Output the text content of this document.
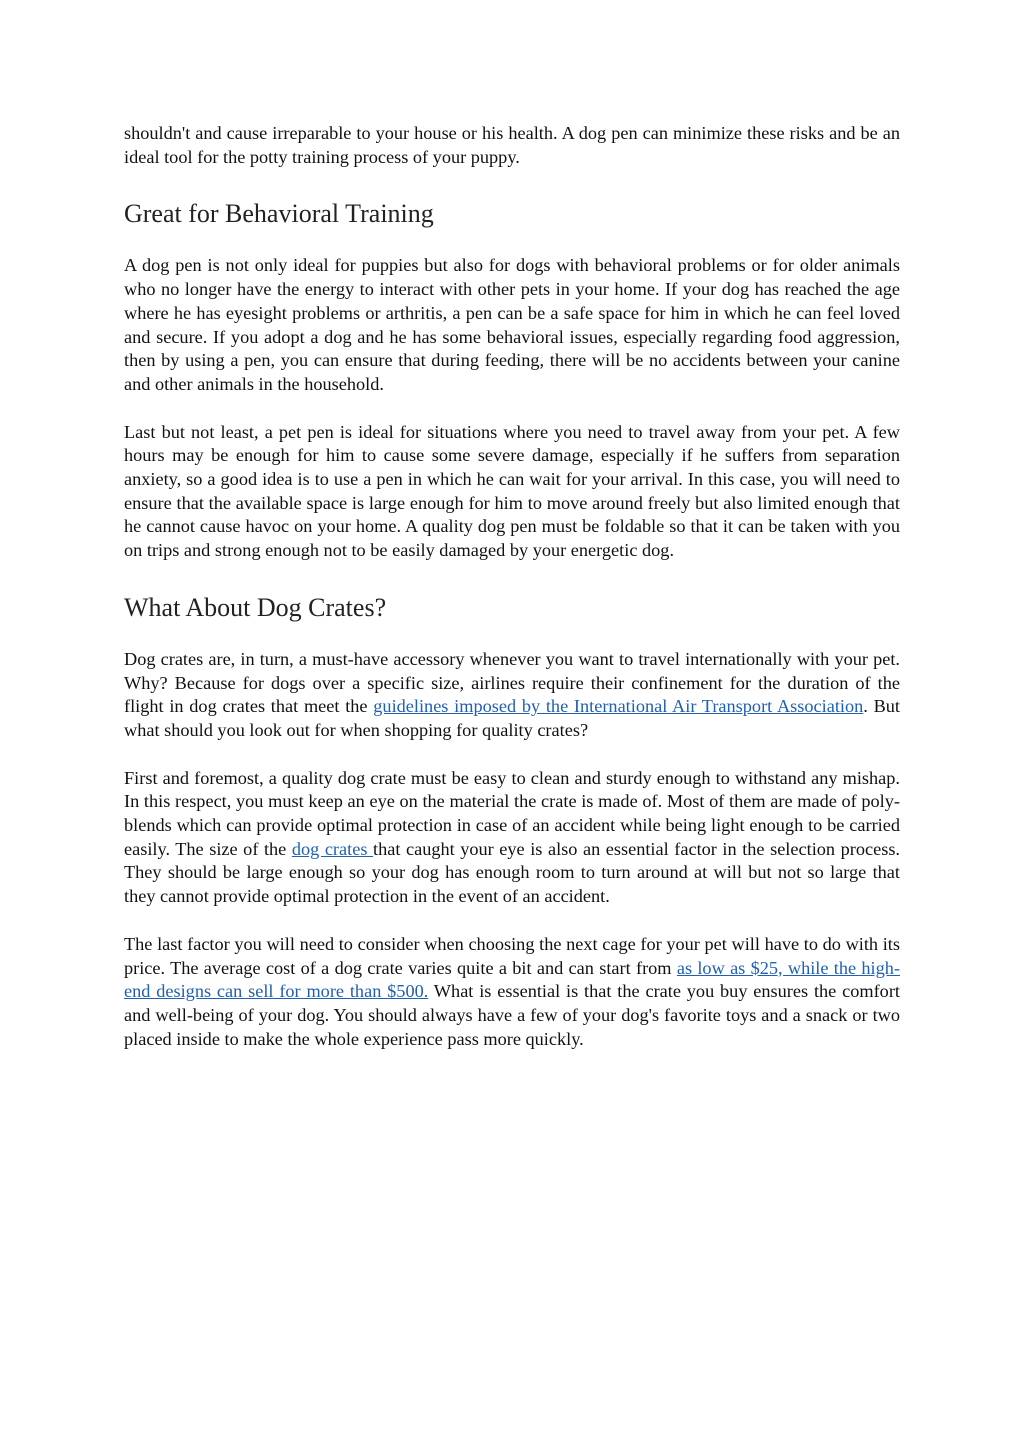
shouldn't and cause irreparable to your house or his health. A dog pen can minimize these risks and be an ideal tool for the potty training process of your puppy.

Great for Behavioral Training

A dog pen is not only ideal for puppies but also for dogs with behavioral problems or for older animals who no longer have the energy to interact with other pets in your home. If your dog has reached the age where he has eyesight problems or arthritis, a pen can be a safe space for him in which he can feel loved and secure. If you adopt a dog and he has some behavioral issues, especially regarding food aggression, then by using a pen, you can ensure that during feeding, there will be no accidents between your canine and other animals in the household.

Last but not least, a pet pen is ideal for situations where you need to travel away from your pet. A few hours may be enough for him to cause some severe damage, especially if he suffers from separation anxiety, so a good idea is to use a pen in which he can wait for your arrival. In this case, you will need to ensure that the available space is large enough for him to move around freely but also limited enough that he cannot cause havoc on your home. A quality dog pen must be foldable so that it can be taken with you on trips and strong enough not to be easily damaged by your energetic dog.

What About Dog Crates?

Dog crates are, in turn, a must-have accessory whenever you want to travel internationally with your pet. Why? Because for dogs over a specific size, airlines require their confinement for the duration of the flight in dog crates that meet the guidelines imposed by the International Air Transport Association. But what should you look out for when shopping for quality crates?

First and foremost, a quality dog crate must be easy to clean and sturdy enough to withstand any mishap. In this respect, you must keep an eye on the material the crate is made of. Most of them are made of poly-blends which can provide optimal protection in case of an accident while being light enough to be carried easily. The size of the dog crates that caught your eye is also an essential factor in the selection process. They should be large enough so your dog has enough room to turn around at will but not so large that they cannot provide optimal protection in the event of an accident.

The last factor you will need to consider when choosing the next cage for your pet will have to do with its price. The average cost of a dog crate varies quite a bit and can start from as low as $25, while the high-end designs can sell for more than $500. What is essential is that the crate you buy ensures the comfort and well-being of your dog. You should always have a few of your dog's favorite toys and a snack or two placed inside to make the whole experience pass more quickly.
